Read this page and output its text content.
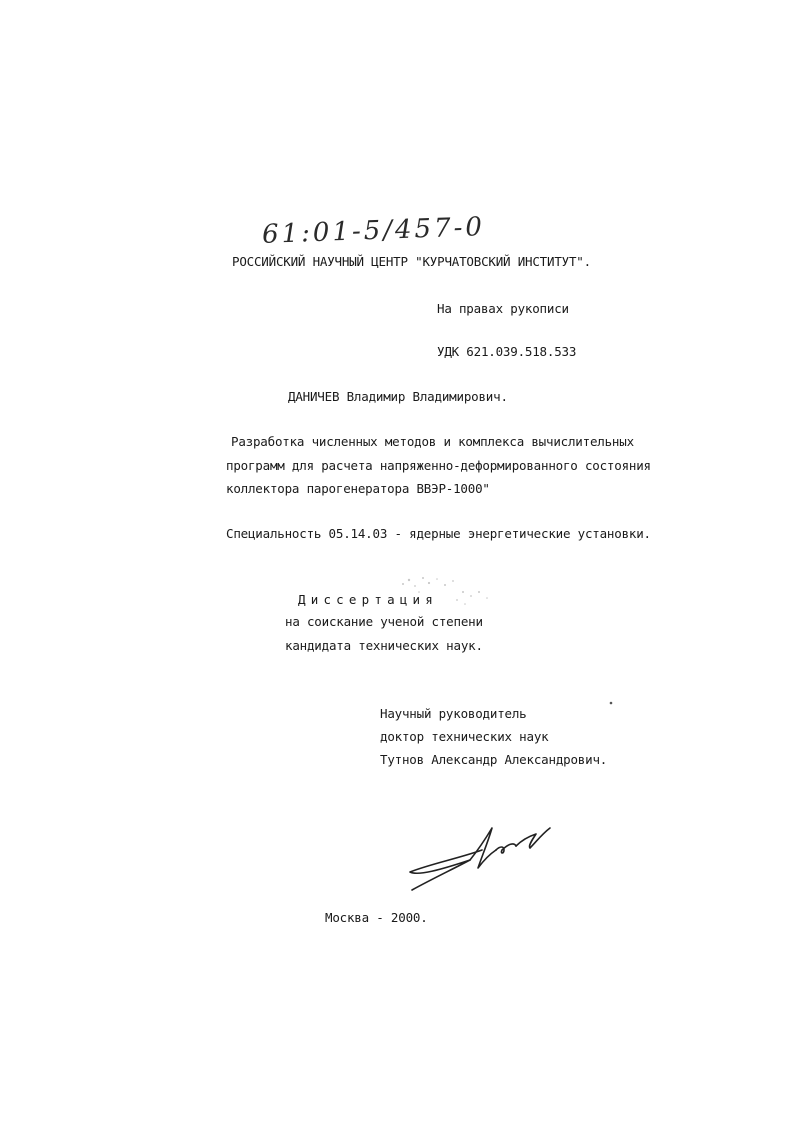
61:01-5/457-0
РОССИЙСКИЙ НАУЧНЫЙ ЦЕНТР "КУРЧАТОВСКИЙ ИНСТИТУТ".
На правах рукописи
УДК 621.039.518.533
ДАНИЧЕВ Владимир Владимирович.
Разработка численных методов и комплекса вычислительных
программ для расчета напряженно-деформированного состояния
коллектора парогенератора ВВЭР-1000"
Специальность 05.14.03 - ядерные энергетические установки.
Диссертация
на соискание ученой степени
кандидата технических наук.
Научный руководитель
доктор технических наук
Тутнов Александр Александрович.
Москва - 2000.
